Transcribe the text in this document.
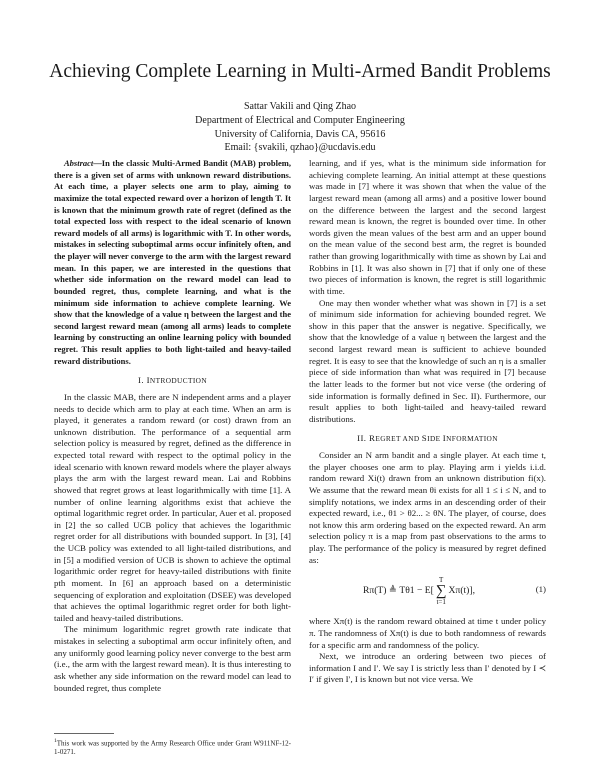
Achieving Complete Learning in Multi-Armed Bandit Problems
Sattar Vakili and Qing Zhao
Department of Electrical and Computer Engineering
University of California, Davis CA, 95616
Email: {svakili, qzhao}@ucdavis.edu

Abstract—In the classic Multi-Armed Bandit (MAB) problem, there is a given set of arms with unknown reward distributions. At each time, a player selects one arm to play, aiming to maximize the total expected reward over a horizon of length T. It is known that the minimum growth rate of regret (defined as the total expected loss with respect to the ideal scenario of known reward models of all arms) is logarithmic with T. In other words, mistakes in selecting suboptimal arms occur infinitely often, and the player will never converge to the arm with the largest reward mean. In this paper, we are interested in the questions that whether side information on the reward model can lead to bounded regret, thus, complete learning, and what is the minimum side information to achieve complete learning. We show that the knowledge of a value η between the largest and the second largest reward mean (among all arms) leads to complete learning by constructing an online learning policy with bounded regret. This result applies to both light-tailed and heavy-tailed reward distributions.

I. INTRODUCTION

In the classic MAB, there are N independent arms and a player needs to decide which arm to play at each time. When an arm is played, it generates a random reward (or cost) drawn from an unknown distribution. The performance of a sequential arm selection policy is measured by regret, defined as the difference in expected total reward with respect to the optimal policy in the ideal scenario with known reward models where the player always plays the arm with the largest reward mean. Lai and Robbins showed that regret grows at least logarithmically with time [1]. A number of online learning algorithms exist that achieve the optimal logarithmic regret order. In particular, Auer et al. proposed in [2] the so called UCB policy that achieves the logarithmic regret order for all distributions with bounded support. In [3], [4] the UCB policy was extended to all light-tailed distributions, and in [5] a modified version of UCB is shown to achieve the optimal logarithmic order regret for heavy-tailed distributions with finite pth moment. In [6] an approach based on a deterministic sequencing of exploration and exploitation (DSEE) was developed that achieves the optimal logarithmic regret order for both light-tailed and heavy-tailed distributions.

The minimum logarithmic regret growth rate indicate that mistakes in selecting a suboptimal arm occur infinitely often, and any uniformly good learning policy never converge to the best arm (i.e., the arm with the largest reward mean). It is thus interesting to ask whether any side information on the reward model can lead to bounded regret, thus complete

learning, and if yes, what is the minimum side information for achieving complete learning. An initial attempt at these questions was made in [7] where it was shown that when the value of the largest reward mean (among all arms) and a positive lower bound on the difference between the largest and the second largest reward mean is known, the regret is bounded over time. In other words given the mean values of the best arm and an upper bound on the mean value of the second best arm, the regret is bounded rather than growing logarithmically with time as shown by Lai and Robbins in [1]. It was also shown in [7] that if only one of these two pieces of information is known, the regret is still logarithmic with time.

One may then wonder whether what was shown in [7] is a set of minimum side information for achieving bounded regret. We show in this paper that the answer is negative. Specifically, we show that the knowledge of a value η between the largest and the second largest reward mean is sufficient to achieve bounded regret. It is easy to see that the knowledge of such an η is a smaller piece of side information than what was required in [7] because the latter leads to the former but not vice verse (the ordering of side information is formally defined in Sec. II). Furthermore, our result applies to both light-tailed and heavy-tailed reward distributions.

II. REGRET AND SIDE INFORMATION

Consider an N arm bandit and a single player. At each time t, the player chooses one arm to play. Playing arm i yields i.i.d. random reward Xi(t) drawn from an unknown distribution fi(x). We assume that the reward mean θi exists for all 1 ≤ i ≤ N, and to simplify notations, we index arms in an descending order of their expected reward, i.e., θ1 > θ2... ≥ θN. The player, of course, does not know this arm ordering based on the expected reward. An arm selection policy π is a map from past observations to the arms to play. The performance of the policy is measured by regret defined as:

Rπ(T) ≜ Tθ1 − E[
T
∑
t=1
Xπ(t)],	(1)

where Xπ(t) is the random reward obtained at time t under policy π. The randomness of Xπ(t) is due to both randomness of rewards for a specific arm and randomness of the policy.

Next, we introduce an ordering between two pieces of information I and I′. We say I is strictly less than I′ denoted by I ≺ I′ if given I′, I is known but not vice versa. We

$^1$This work was supported by the Army Research Office under Grant W911NF-12-1-0271.
